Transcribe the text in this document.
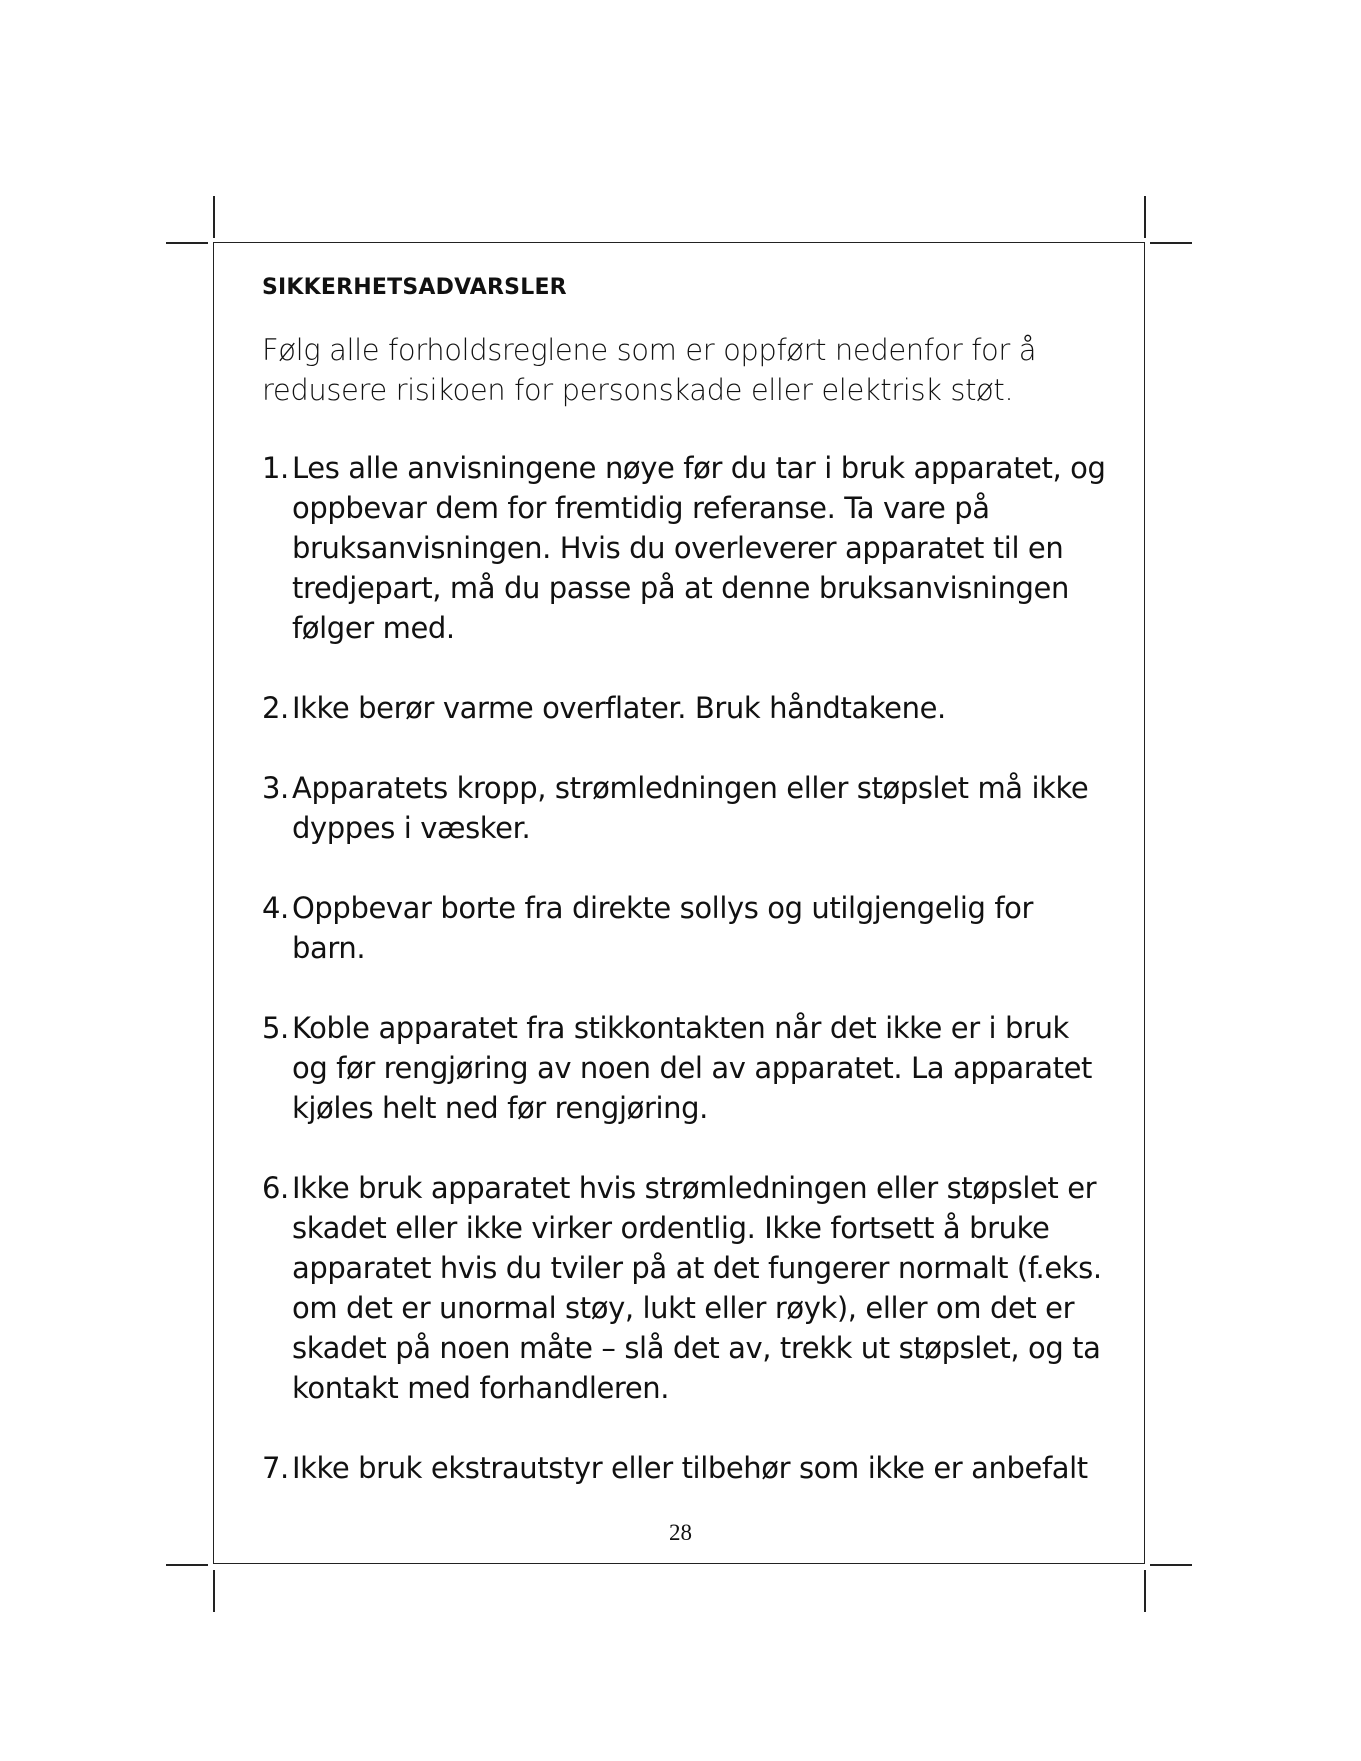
SIKKERHETSADVARSLER

Følg alle forholdsreglene som er oppført nedenfor for å redusere risikoen for personskade eller elektrisk støt.

1. Les alle anvisningene nøye før du tar i bruk apparatet, og oppbevar dem for fremtidig referanse. Ta vare på bruksanvisningen. Hvis du overleverer apparatet til en tredjepart, må du passe på at denne bruksanvisningen følger med.
2. Ikke berør varme overflater. Bruk håndtakene.
3. Apparatets kropp, strømledningen eller støpslet må ikke dyppes i væsker.
4. Oppbevar borte fra direkte sollys og utilgjengelig for barn.
5. Koble apparatet fra stikkontakten når det ikke er i bruk og før rengjøring av noen del av apparatet. La apparatet kjøles helt ned før rengjøring.
6. Ikke bruk apparatet hvis strømledningen eller støpslet er skadet eller ikke virker ordentlig. Ikke fortsett å bruke apparatet hvis du tviler på at det fungerer normalt (f.eks. om det er unormal støy, lukt eller røyk), eller om det er skadet på noen måte – slå det av, trekk ut støpslet, og ta kontakt med forhandleren.
7. Ikke bruk ekstrautstyr eller tilbehør som ikke er anbefalt
28
